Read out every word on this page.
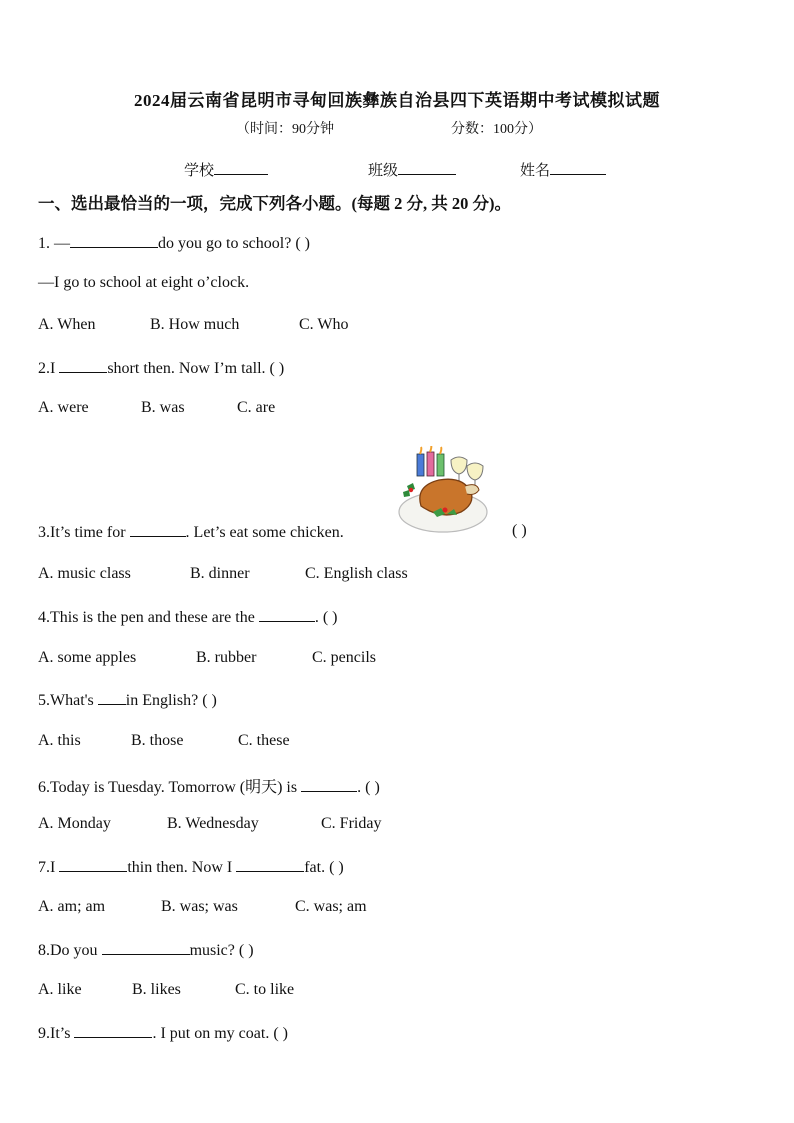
2024届云南省昆明市寻甸回族彝族自治县四下英语期中考试模拟试题
（时间：90分钟	分数：100分）
学校	班级	姓名
一、选出最恰当的一项，完成下列各小题。(每题 2 分, 共 20 分)。
1. —	do you go to school? ( )
—I go to school at eight o’clock.
A. When	B. How much	C. Who
2.I	short then. Now I’m tall. ( )
A. were	B. was	C. are
3.It’s time for	. Let’s eat some chicken.	( )
A. music class	B. dinner	C. English class
4.This is the pen and these are the	. ( )
A. some apples	B. rubber	C. pencils
5.What's in English? ( )
A. this	B. those	C. these
6.Today is Tuesday. Tomorrow (明天) is	. ( )
A. Monday	B. Wednesday	C. Friday
7.I	thin then. Now I	fat. ( )
A. am; am	B. was; was	C. was; am
8.Do you	music? ( )
A. like	B. likes	C. to like
9.It’s	. I put on my coat. ( )
